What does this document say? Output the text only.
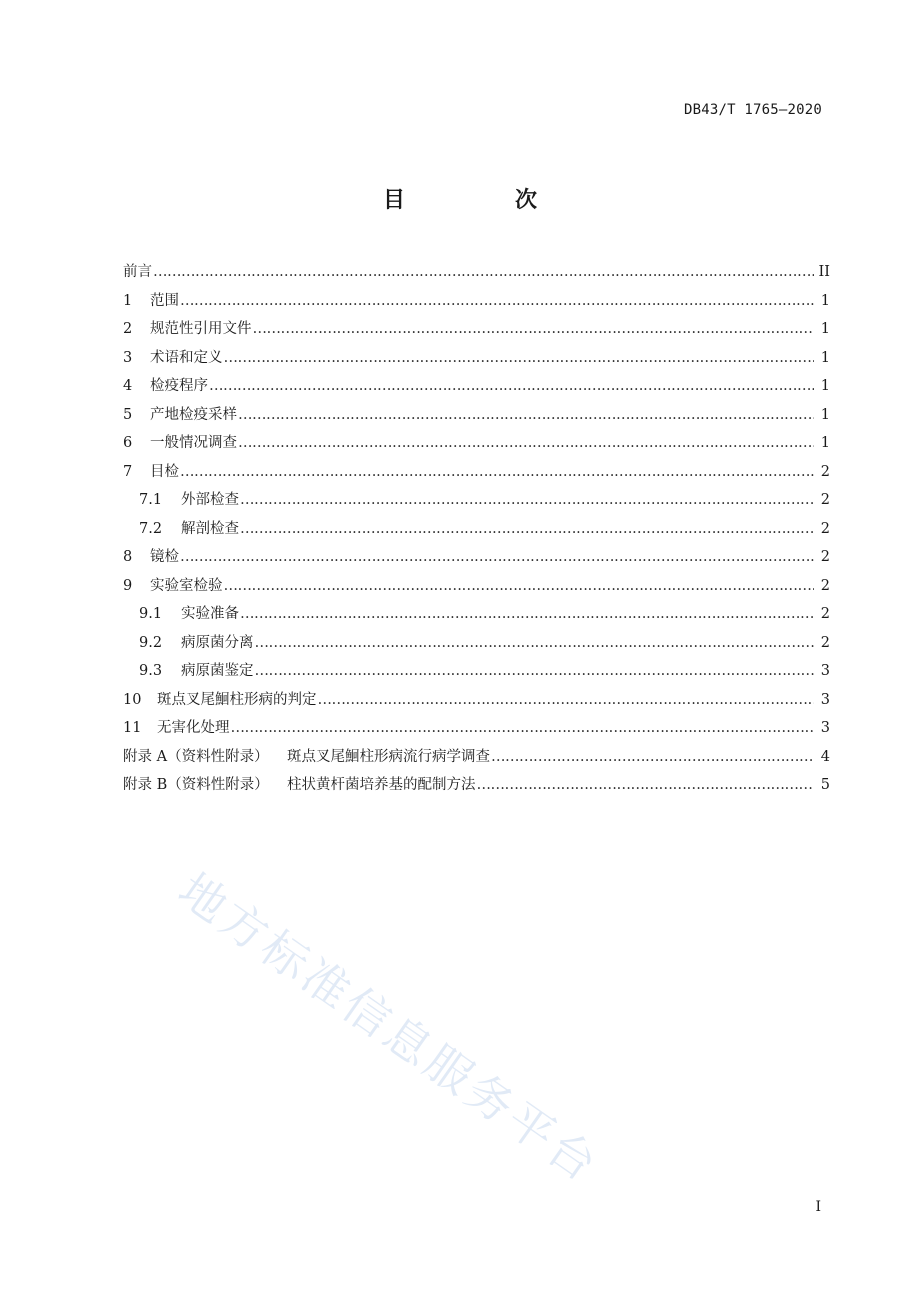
DB43/T 1765—2020
目　次
前言 …………………………………………………………………………………………………………………………………………………………………………………………………………	II
1	范围 …………………………………………………………………………………………………………………………………………………………………………………………………………	1
2	规范性引用文件 …………………………………………………………………………………………………………………………………………………………………………………………………………	1
3	术语和定义 …………………………………………………………………………………………………………………………………………………………………………………………………………	1
4	检疫程序 …………………………………………………………………………………………………………………………………………………………………………………………………………	1
5	产地检疫采样 …………………………………………………………………………………………………………………………………………………………………………………………………………	1
6	一般情况调查 …………………………………………………………………………………………………………………………………………………………………………………………………………	1
7	目检 …………………………………………………………………………………………………………………………………………………………………………………………………………	2
7.1	外部检查 …………………………………………………………………………………………………………………………………………………………………………………………………………	2
7.2	解剖检查 …………………………………………………………………………………………………………………………………………………………………………………………………………	2
8	镜检 …………………………………………………………………………………………………………………………………………………………………………………………………………	2
9	实验室检验 …………………………………………………………………………………………………………………………………………………………………………………………………………	2
9.1	实验准备 …………………………………………………………………………………………………………………………………………………………………………………………………………	2
9.2	病原菌分离 …………………………………………………………………………………………………………………………………………………………………………………………………………	2
9.3	病原菌鉴定 …………………………………………………………………………………………………………………………………………………………………………………………………………	3
10	斑点叉尾鮰柱形病的判定 …………………………………………………………………………………………………………………………………………………………………………………………………………	3
11	无害化处理 …………………………………………………………………………………………………………………………………………………………………………………………………………	3
附录 A（资料性附录）	斑点叉尾鮰柱形病流行病学调查 …………………………………………………………………………………………………………………………………………………………………………………………………………	4
附录 B（资料性附录）	柱状黄杆菌培养基的配制方法 …………………………………………………………………………………………………………………………………………………………………………………………………………	5
地方标准信息服务平台
I
